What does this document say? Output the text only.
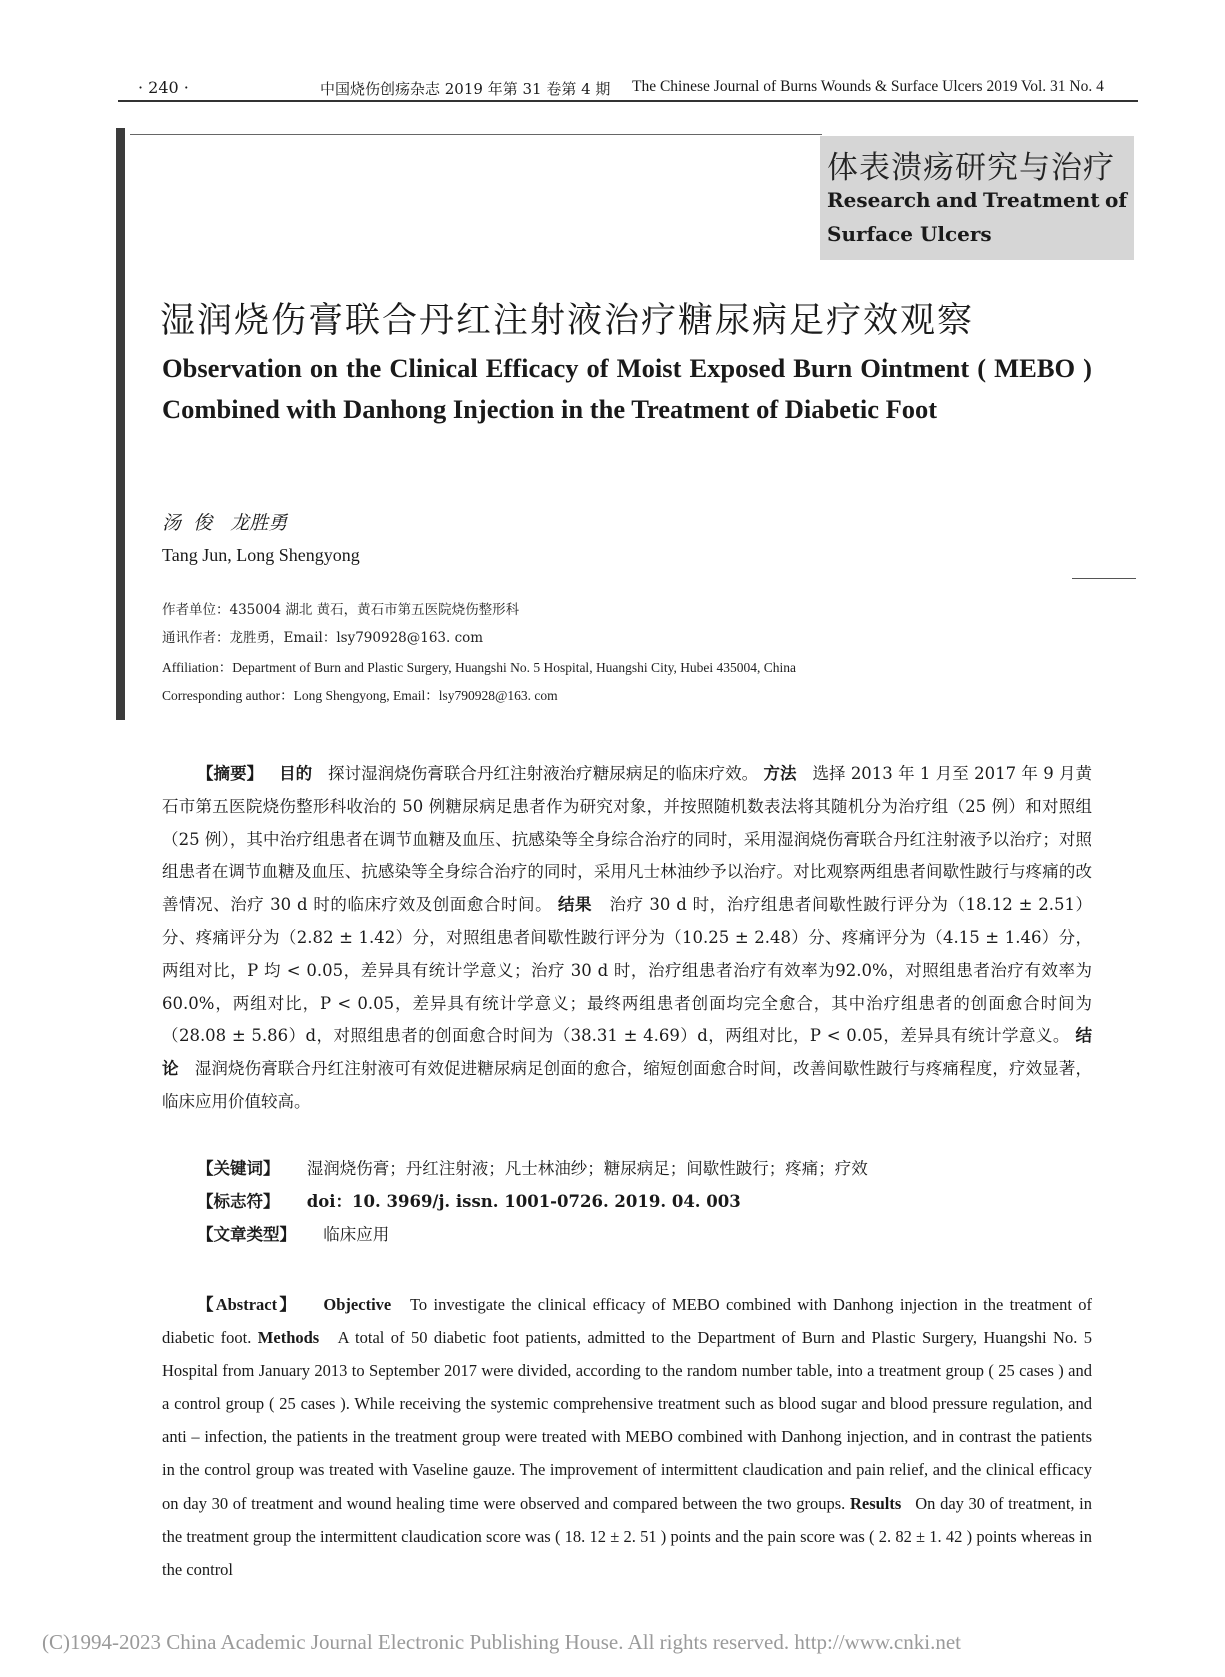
· 240 ·	中国烧伤创疡杂志 2019 年第 31 卷第 4 期 The Chinese Journal of Burns Wounds & Surface Ulcers 2019 Vol. 31 No. 4
体表溃疡研究与治疗
Research and Treatment of
Surface Ulcers
湿润烧伤膏联合丹红注射液治疗糖尿病足疗效观察
Observation on the Clinical Efficacy of Moist Exposed Burn Ointment ( MEBO ) Combined with Danhong Injection in the Treatment of Diabetic Foot
汤  俊   龙胜勇
Tang Jun, Long Shengyong
作者单位：435004 湖北 黄石，黄石市第五医院烧伤整形科
通讯作者：龙胜勇，Email：lsy790928@163. com
Affiliation：Department of Burn and Plastic Surgery, Huangshi No. 5 Hospital, Huangshi City, Hubei 435004, China
Corresponding author：Long Shengyong, Email：lsy790928@163. com

【摘要】 目的 探讨湿润烧伤膏联合丹红注射液治疗糖尿病足的临床疗效。 方法 选择 2013 年 1 月至 2017 年 9 月黄石市第五医院烧伤整形科收治的 50 例糖尿病足患者作为研究对象，并按照随机数表法将其随机分为治疗组（25 例）和对照组（25 例），其中治疗组患者在调节血糖及血压、抗感染等全身综合治疗的同时，采用湿润烧伤膏联合丹红注射液予以治疗；对照组患者在调节血糖及血压、抗感染等全身综合治疗的同时，采用凡士林油纱予以治疗。对比观察两组患者间歇性跛行与疼痛的改善情况、治疗 30 d 时的临床疗效及创面愈合时间。 结果 治疗 30 d 时，治疗组患者间歇性跛行评分为（18.12 ± 2.51）分、疼痛评分为（2.82 ± 1.42）分，对照组患者间歇性跛行评分为（10.25 ± 2.48）分、疼痛评分为（4.15 ± 1.46）分，两组对比，P 均 < 0.05，差异具有统计学意义；治疗 30 d 时，治疗组患者治疗有效率为92.0%，对照组患者治疗有效率为60.0%，两组对比，P < 0.05，差异具有统计学意义；最终两组患者创面均完全愈合，其中治疗组患者的创面愈合时间为（28.08 ± 5.86）d，对照组患者的创面愈合时间为（38.31 ± 4.69）d，两组对比，P < 0.05，差异具有统计学意义。 结论 湿润烧伤膏联合丹红注射液可有效促进糖尿病足创面的愈合，缩短创面愈合时间，改善间歇性跛行与疼痛程度，疗效显著，临床应用价值较高。

【关键词】 湿润烧伤膏；丹红注射液；凡士林油纱；糖尿病足；间歇性跛行；疼痛；疗效
【标志符】 doi：10. 3969/j. issn. 1001-0726. 2019. 04. 003
【文章类型】 临床应用

【Abstract】 Objective To investigate the clinical efficacy of MEBO combined with Danhong injection in the treatment of diabetic foot. Methods A total of 50 diabetic foot patients, admitted to the Department of Burn and Plastic Surgery, Huangshi No. 5 Hospital from January 2013 to September 2017 were divided, according to the random number table, into a treatment group ( 25 cases ) and a control group ( 25 cases ). While receiving the systemic comprehensive treatment such as blood sugar and blood pressure regulation, and anti – infection, the patients in the treatment group were treated with MEBO combined with Danhong injection, and in contrast the patients in the control group was treated with Vaseline gauze. The improvement of intermittent claudication and pain relief, and the clinical efficacy on day 30 of treatment and wound healing time were observed and compared between the two groups. Results On day 30 of treatment, in the treatment group the intermittent claudication score was ( 18. 12 ± 2. 51 ) points and the pain score was ( 2. 82 ± 1. 42 ) points whereas in the control

(C)1994-2023 China Academic Journal Electronic Publishing House. All rights reserved. http://www.cnki.net
